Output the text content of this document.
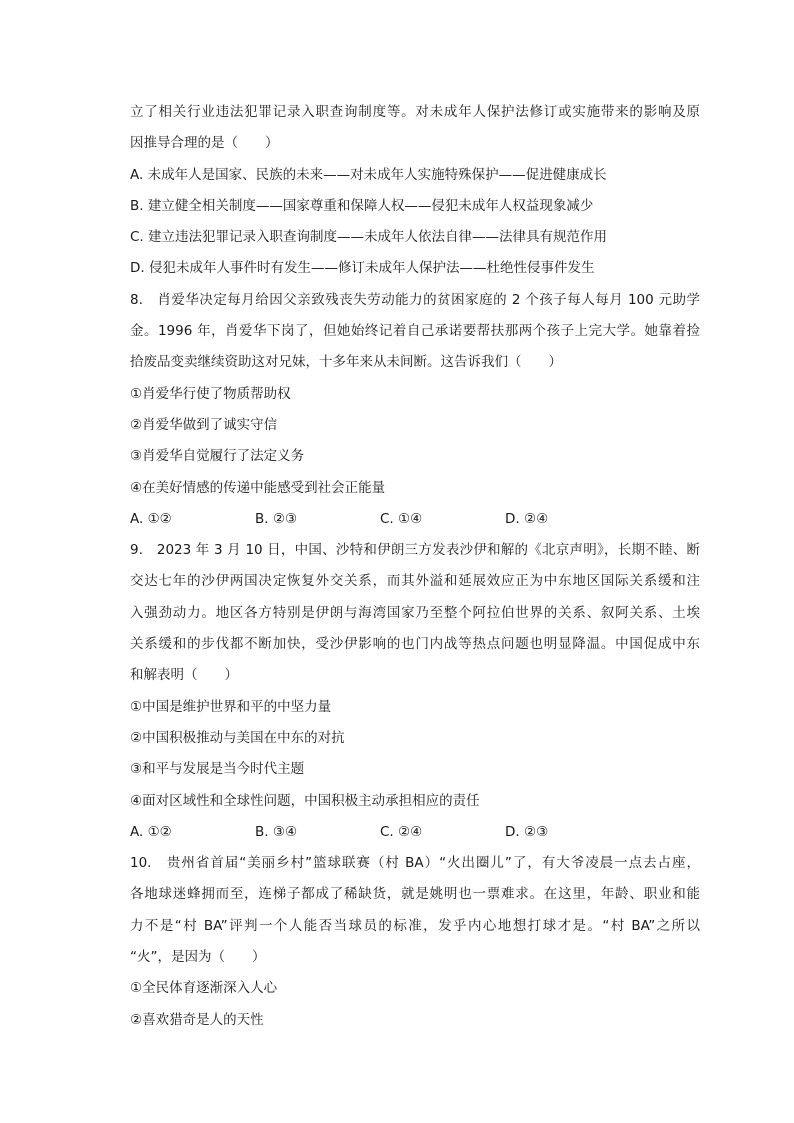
立了相关行业违法犯罪记录入职查询制度等。对未成年人保护法修订或实施带来的影响及原
因推导合理的是（　　）
A. 未成年人是国家、民族的未来——对未成年人实施特殊保护——促进健康成长
B. 建立健全相关制度——国家尊重和保障人权——侵犯未成年人权益现象减少
C. 建立违法犯罪记录入职查询制度——未成年人依法自律——法律具有规范作用
D. 侵犯未成年人事件时有发生——修订未成年人保护法——杜绝性侵事件发生
8.　肖爱华决定每月给因父亲致残丧失劳动能力的贫困家庭的 2 个孩子每人每月 100 元助学
金。1996 年，肖爱华下岗了，但她始终记着自己承诺要帮扶那两个孩子上完大学。她靠着捡
拾废品变卖继续资助这对兄妹，十多年来从未间断。这告诉我们（　　）
①肖爱华行使了物质帮助权
②肖爱华做到了诚实守信
③肖爱华自觉履行了法定义务
④在美好情感的传递中能感受到社会正能量
A. ①②	B. ②③	C. ①④	D. ②④
9.　2023 年 3 月 10 日，中国、沙特和伊朗三方发表沙伊和解的《北京声明》，长期不睦、断
交达七年的沙伊两国决定恢复外交关系，而其外溢和延展效应正为中东地区国际关系缓和注
入强劲动力。地区各方特别是伊朗与海湾国家乃至整个阿拉伯世界的关系、叙阿关系、土埃
关系缓和的步伐都不断加快，受沙伊影响的也门内战等热点问题也明显降温。中国促成中东
和解表明（　　）
①中国是维护世界和平的中坚力量
②中国积极推动与美国在中东的对抗
③和平与发展是当今时代主题
④面对区域性和全球性问题，中国积极主动承担相应的责任
A. ①②	B. ③④	C. ②④	D. ②③
10.　贵州省首届“美丽乡村”篮球联赛（村 BA）“火出圈儿”了，有大爷凌晨一点去占座，
各地球迷蜂拥而至，连梯子都成了稀缺货，就是姚明也一票难求。在这里，年龄、职业和能
力不是“村 BA”评判一个人能否当球员的标准，发乎内心地想打球才是。“村 BA”之所以
“火”，是因为（　　）
①全民体育逐渐深入人心
②喜欢猎奇是人的天性
